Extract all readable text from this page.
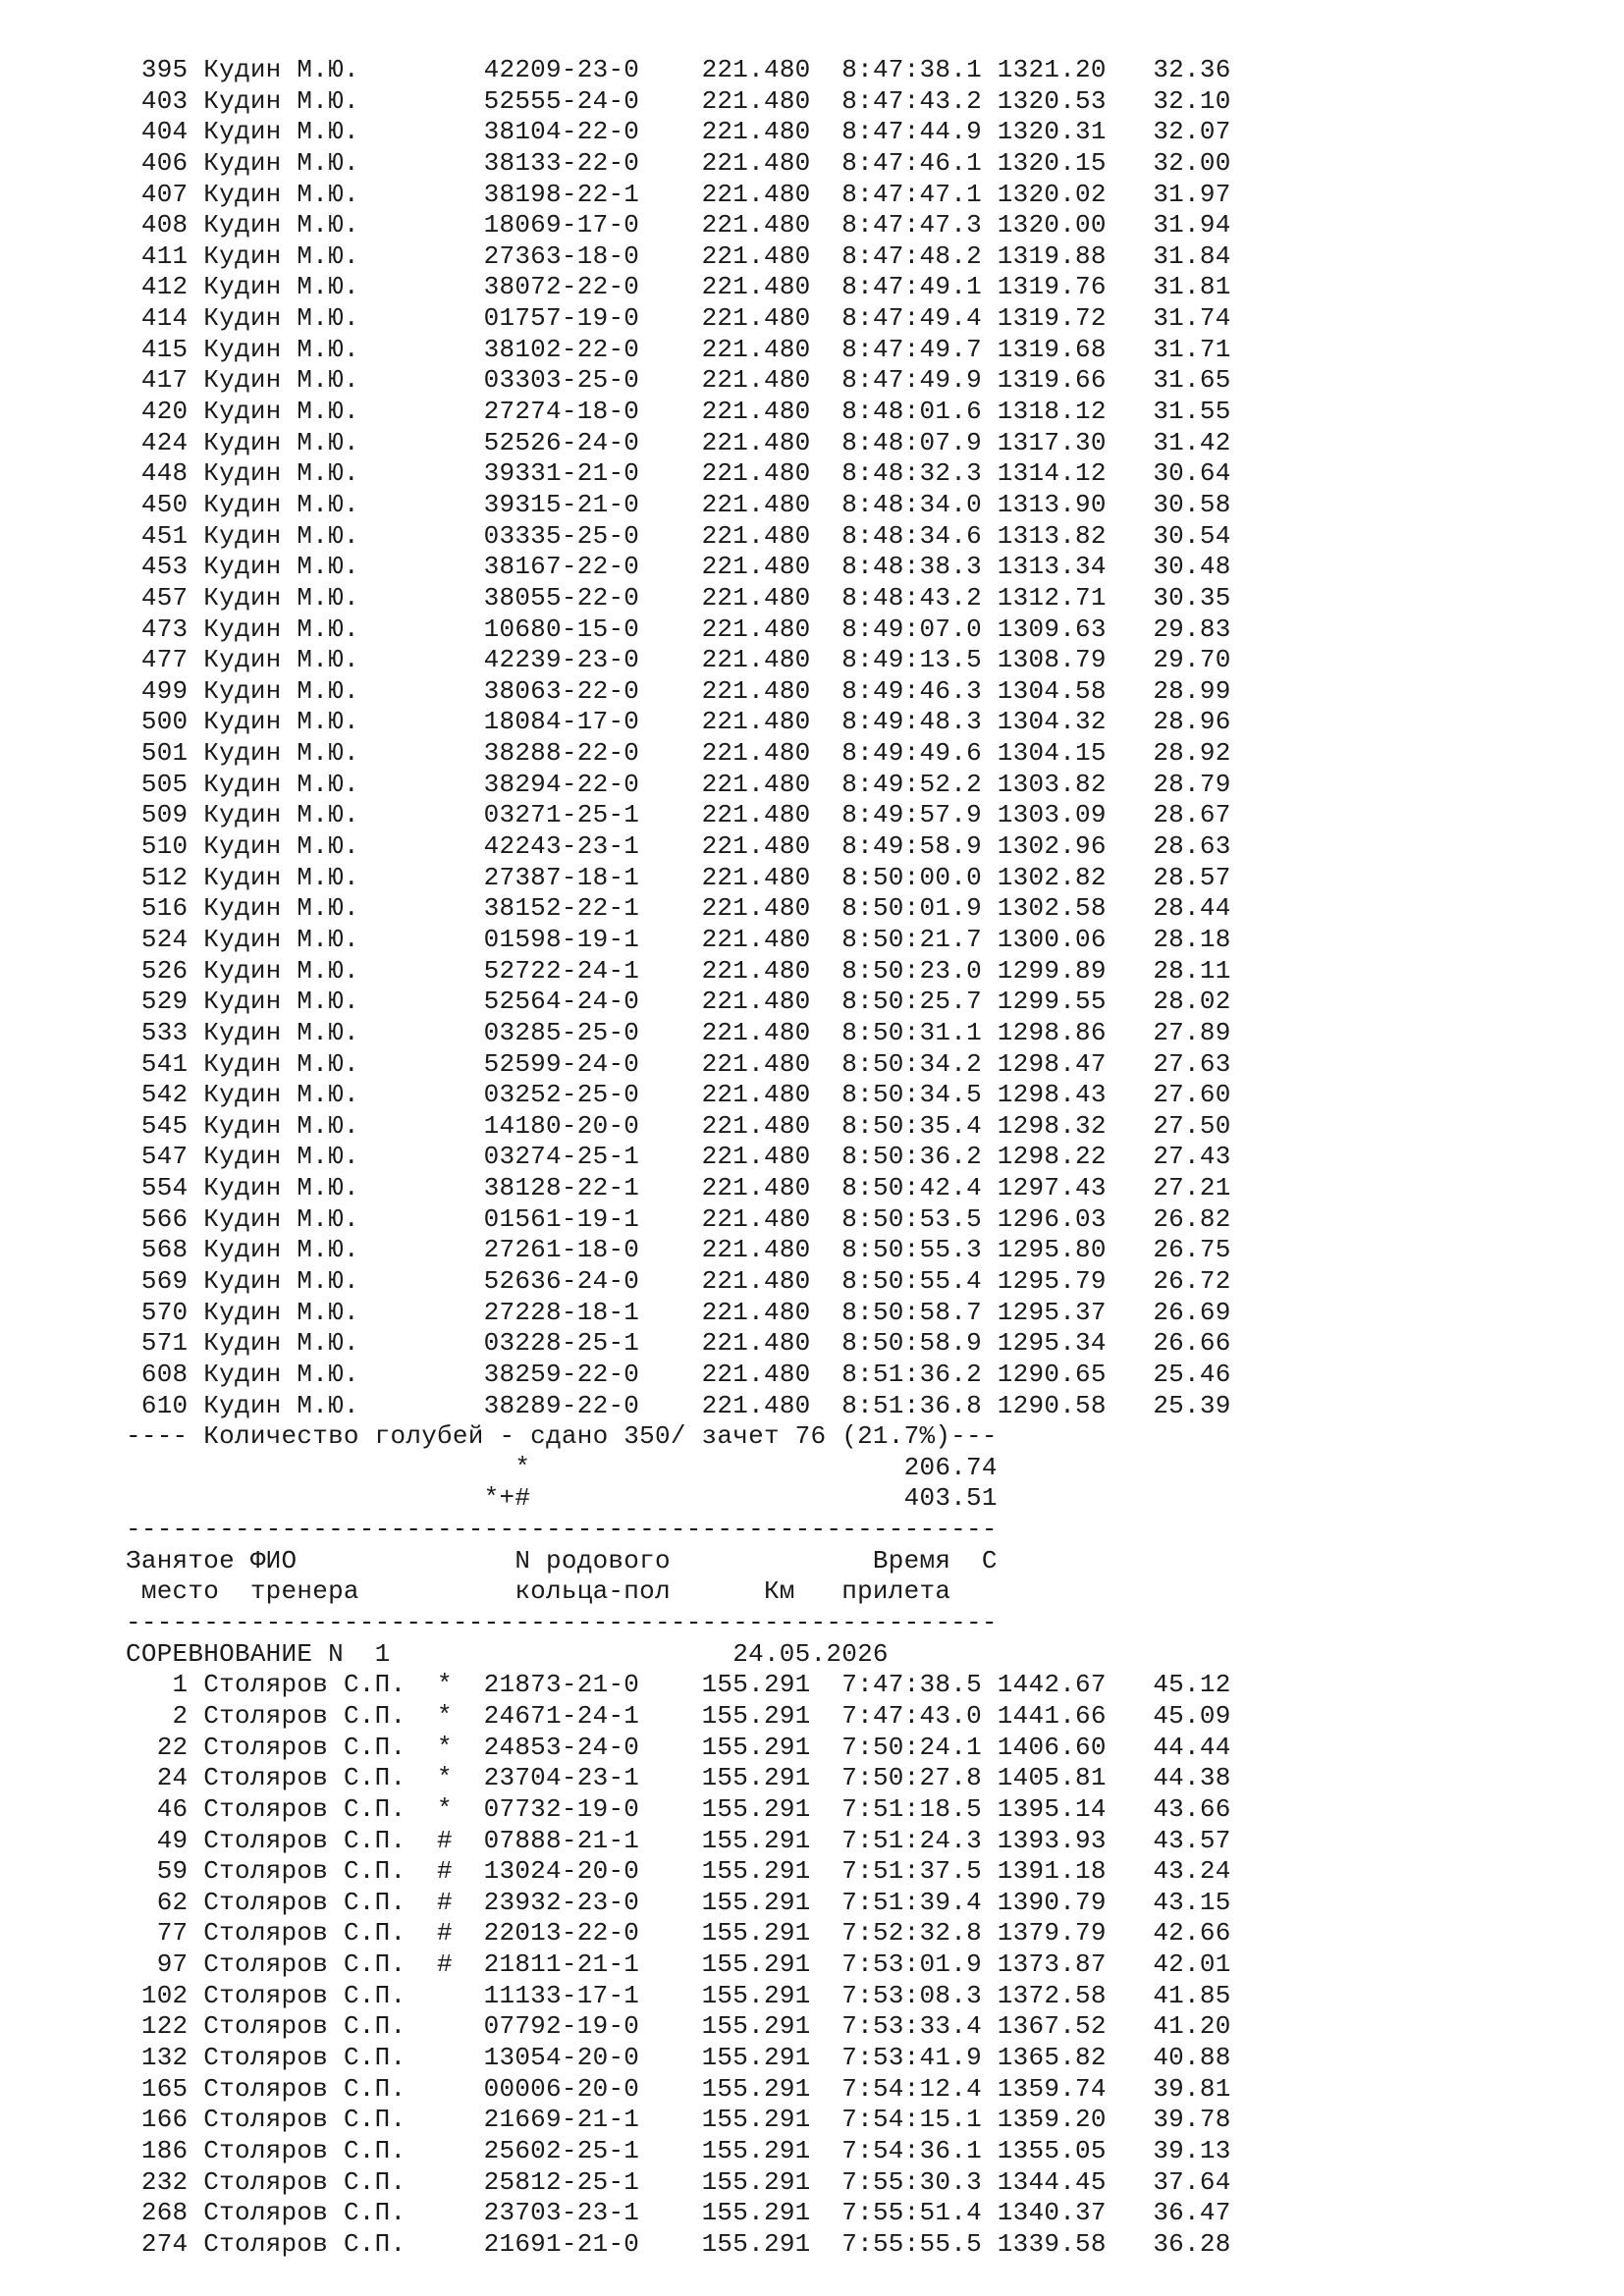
395 Кудин М.Ю.        42209-23-0    221.480  8:47:38.1 1321.20   32.36
403 Кудин М.Ю.        52555-24-0    221.480  8:47:43.2 1320.53   32.10
404 Кудин М.Ю.        38104-22-0    221.480  8:47:44.9 1320.31   32.07
406 Кудин М.Ю.        38133-22-0    221.480  8:47:46.1 1320.15   32.00
407 Кудин М.Ю.        38198-22-1    221.480  8:47:47.1 1320.02   31.97
408 Кудин М.Ю.        18069-17-0    221.480  8:47:47.3 1320.00   31.94
411 Кудин М.Ю.        27363-18-0    221.480  8:47:48.2 1319.88   31.84
412 Кудин М.Ю.        38072-22-0    221.480  8:47:49.1 1319.76   31.81
414 Кудин М.Ю.        01757-19-0    221.480  8:47:49.4 1319.72   31.74
415 Кудин М.Ю.        38102-22-0    221.480  8:47:49.7 1319.68   31.71
417 Кудин М.Ю.        03303-25-0    221.480  8:47:49.9 1319.66   31.65
420 Кудин М.Ю.        27274-18-0    221.480  8:48:01.6 1318.12   31.55
424 Кудин М.Ю.        52526-24-0    221.480  8:48:07.9 1317.30   31.42
448 Кудин М.Ю.        39331-21-0    221.480  8:48:32.3 1314.12   30.64
450 Кудин М.Ю.        39315-21-0    221.480  8:48:34.0 1313.90   30.58
451 Кудин М.Ю.        03335-25-0    221.480  8:48:34.6 1313.82   30.54
453 Кудин М.Ю.        38167-22-0    221.480  8:48:38.3 1313.34   30.48
457 Кудин М.Ю.        38055-22-0    221.480  8:48:43.2 1312.71   30.35
473 Кудин М.Ю.        10680-15-0    221.480  8:49:07.0 1309.63   29.83
477 Кудин М.Ю.        42239-23-0    221.480  8:49:13.5 1308.79   29.70
499 Кудин М.Ю.        38063-22-0    221.480  8:49:46.3 1304.58   28.99
500 Кудин М.Ю.        18084-17-0    221.480  8:49:48.3 1304.32   28.96
501 Кудин М.Ю.        38288-22-0    221.480  8:49:49.6 1304.15   28.92
505 Кудин М.Ю.        38294-22-0    221.480  8:49:52.2 1303.82   28.79
509 Кудин М.Ю.        03271-25-1    221.480  8:49:57.9 1303.09   28.67
510 Кудин М.Ю.        42243-23-1    221.480  8:49:58.9 1302.96   28.63
512 Кудин М.Ю.        27387-18-1    221.480  8:50:00.0 1302.82   28.57
516 Кудин М.Ю.        38152-22-1    221.480  8:50:01.9 1302.58   28.44
524 Кудин М.Ю.        01598-19-1    221.480  8:50:21.7 1300.06   28.18
526 Кудин М.Ю.        52722-24-1    221.480  8:50:23.0 1299.89   28.11
529 Кудин М.Ю.        52564-24-0    221.480  8:50:25.7 1299.55   28.02
533 Кудин М.Ю.        03285-25-0    221.480  8:50:31.1 1298.86   27.89
541 Кудин М.Ю.        52599-24-0    221.480  8:50:34.2 1298.47   27.63
542 Кудин М.Ю.        03252-25-0    221.480  8:50:34.5 1298.43   27.60
545 Кудин М.Ю.        14180-20-0    221.480  8:50:35.4 1298.32   27.50
547 Кудин М.Ю.        03274-25-1    221.480  8:50:36.2 1298.22   27.43
554 Кудин М.Ю.        38128-22-1    221.480  8:50:42.4 1297.43   27.21
566 Кудин М.Ю.        01561-19-1    221.480  8:50:53.5 1296.03   26.82
568 Кудин М.Ю.        27261-18-0    221.480  8:50:55.3 1295.80   26.75
569 Кудин М.Ю.        52636-24-0    221.480  8:50:55.4 1295.79   26.72
570 Кудин М.Ю.        27228-18-1    221.480  8:50:58.7 1295.37   26.69
571 Кудин М.Ю.        03228-25-1    221.480  8:50:58.9 1295.34   26.66
608 Кудин М.Ю.        38259-22-0    221.480  8:51:36.2 1290.65   25.46
610 Кудин М.Ю.        38289-22-0    221.480  8:51:36.8 1290.58   25.39
---- Количество голубей - сдано 350/ зачет 76 (21.7%)---
*                        206.74
*+#                        403.51
--------------------------------------------------------
Занятое ФИО              N родового             Время  С
место  тренера          кольца-пол      Км   прилета
--------------------------------------------------------
СОРЕВНОВАНИЕ N  1                      24.05.2026
1 Столяров С.П.  *  21873-21-0    155.291  7:47:38.5 1442.67   45.12
2 Столяров С.П.  *  24671-24-1    155.291  7:47:43.0 1441.66   45.09
22 Столяров С.П.  *  24853-24-0    155.291  7:50:24.1 1406.60   44.44
24 Столяров С.П.  *  23704-23-1    155.291  7:50:27.8 1405.81   44.38
46 Столяров С.П.  *  07732-19-0    155.291  7:51:18.5 1395.14   43.66
49 Столяров С.П.  #  07888-21-1    155.291  7:51:24.3 1393.93   43.57
59 Столяров С.П.  #  13024-20-0    155.291  7:51:37.5 1391.18   43.24
62 Столяров С.П.  #  23932-23-0    155.291  7:51:39.4 1390.79   43.15
77 Столяров С.П.  #  22013-22-0    155.291  7:52:32.8 1379.79   42.66
97 Столяров С.П.  #  21811-21-1    155.291  7:53:01.9 1373.87   42.01
102 Столяров С.П.     11133-17-1    155.291  7:53:08.3 1372.58   41.85
122 Столяров С.П.     07792-19-0    155.291  7:53:33.4 1367.52   41.20
132 Столяров С.П.     13054-20-0    155.291  7:53:41.9 1365.82   40.88
165 Столяров С.П.     00006-20-0    155.291  7:54:12.4 1359.74   39.81
166 Столяров С.П.     21669-21-1    155.291  7:54:15.1 1359.20   39.78
186 Столяров С.П.     25602-25-1    155.291  7:54:36.1 1355.05   39.13
232 Столяров С.П.     25812-25-1    155.291  7:55:30.3 1344.45   37.64
268 Столяров С.П.     23703-23-1    155.291  7:55:51.4 1340.37   36.47
274 Столяров С.П.     21691-21-0    155.291  7:55:55.5 1339.58   36.28
